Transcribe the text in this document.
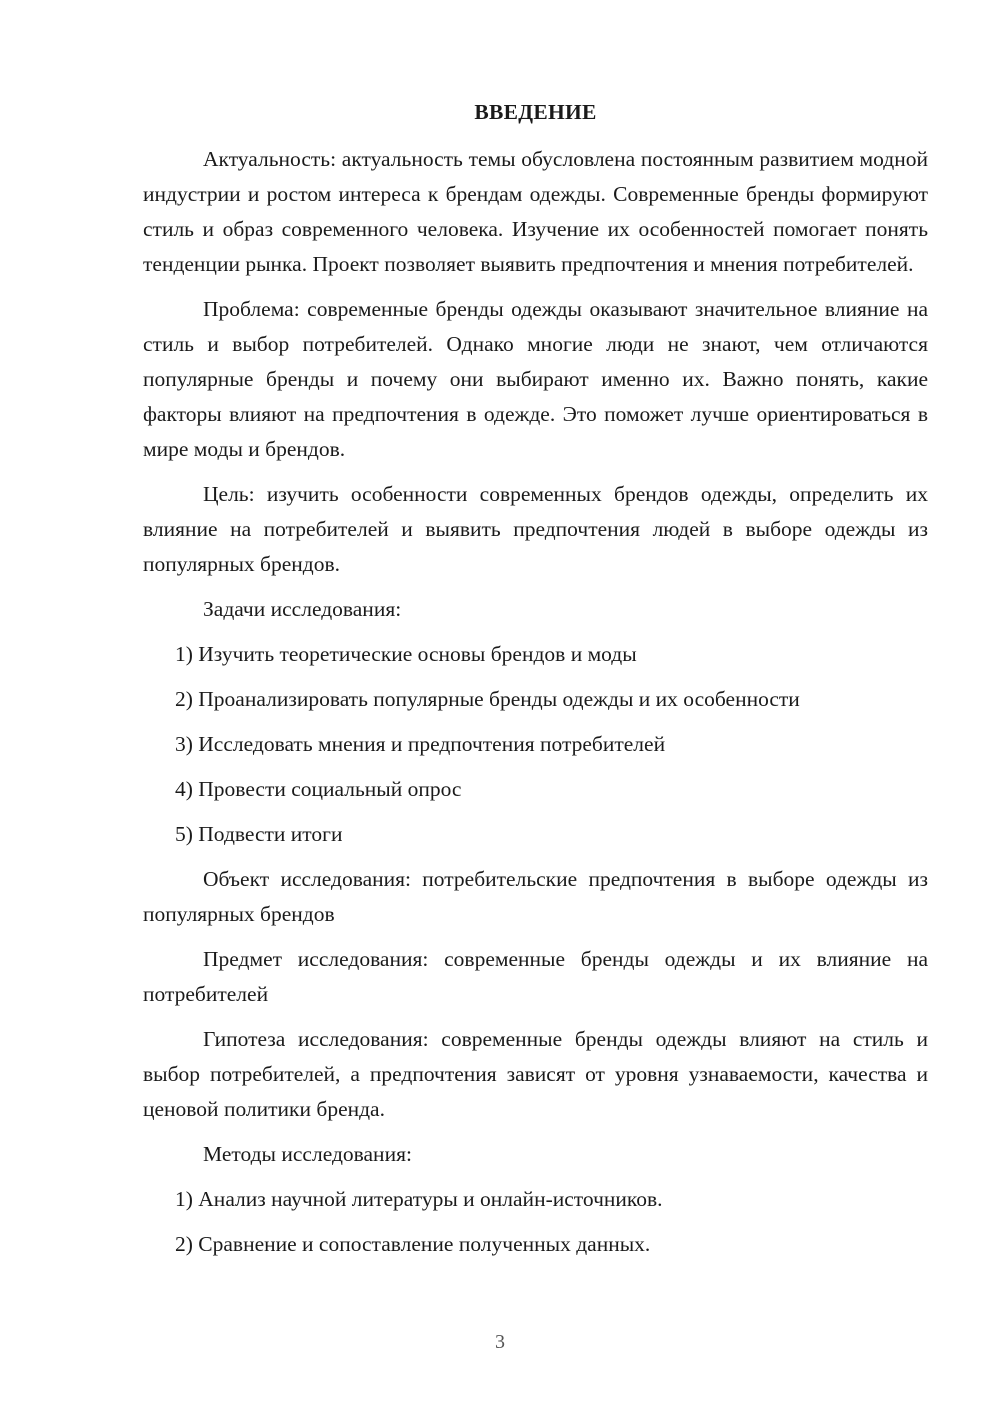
ВВЕДЕНИЕ

Актуальность: актуальность темы обусловлена постоянным развитием модной индустрии и ростом интереса к брендам одежды. Современные бренды формируют стиль и образ современного человека. Изучение их особенностей помогает понять тенденции рынка. Проект позволяет выявить предпочтения и мнения потребителей.

Проблема: современные бренды одежды оказывают значительное влияние на стиль и выбор потребителей. Однако многие люди не знают, чем отличаются популярные бренды и почему они выбирают именно их. Важно понять, какие факторы влияют на предпочтения в одежде. Это поможет лучше ориентироваться в мире моды и брендов.

Цель: изучить особенности современных брендов одежды, определить их влияние на потребителей и выявить предпочтения людей в выборе одежды из популярных брендов.

Задачи исследования:
1) Изучить теоретические основы брендов и моды
2) Проанализировать популярные бренды одежды и их особенности
3) Исследовать мнения и предпочтения потребителей
4) Провести социальный опрос
5) Подвести итоги

Объект исследования: потребительские предпочтения в выборе одежды из популярных брендов

Предмет исследования: современные бренды одежды и их влияние на потребителей

Гипотеза исследования: современные бренды одежды влияют на стиль и выбор потребителей, а предпочтения зависят от уровня узнаваемости, качества и ценовой политики бренда.

Методы исследования:
1) Анализ научной литературы и онлайн-источников.
2) Сравнение и сопоставление полученных данных.
3
